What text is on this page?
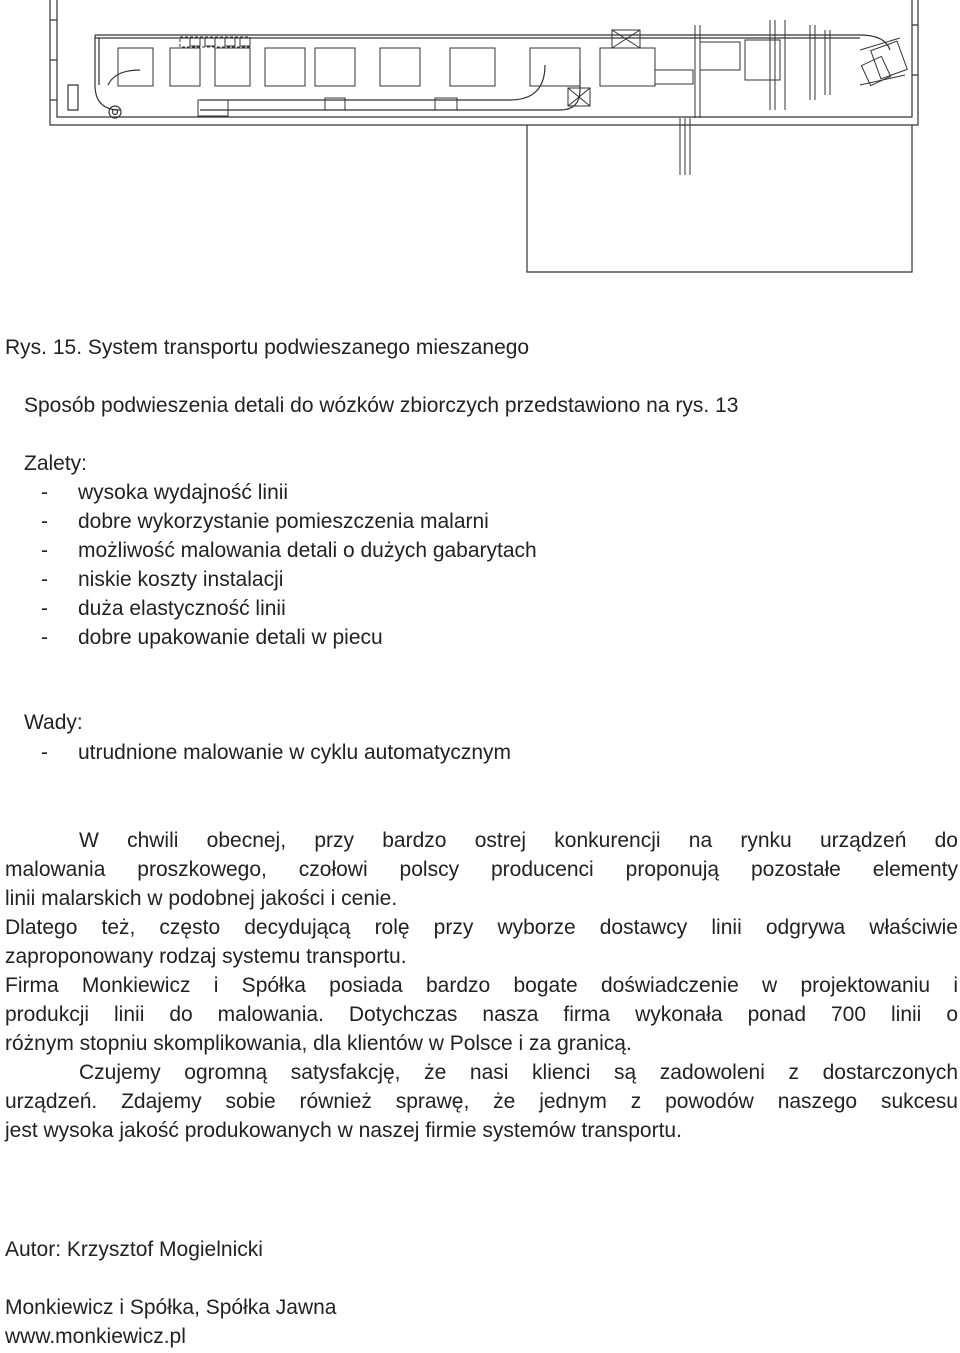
Rys. 15. System transportu podwieszanego mieszanego
Sposób podwieszenia detali do wózków zbiorczych przedstawiono na rys. 13
Zalety:
- wysoka wydajność linii
- dobre wykorzystanie pomieszczenia malarni
- możliwość malowania detali o dużych gabarytach
- niskie koszty instalacji
- duża elastyczność linii
- dobre upakowanie detali w piecu
Wady:
- utrudnione malowanie w cyklu automatycznym
W chwili obecnej, przy bardzo ostrej konkurencji na rynku urządzeń do
malowania proszkowego, czołowi polscy producenci proponują pozostałe elementy
linii malarskich w podobnej jakości i cenie.
Dlatego też, często decydującą rolę przy wyborze dostawcy linii odgrywa właściwie
zaproponowany rodzaj systemu transportu.
Firma Monkiewicz i Spółka posiada bardzo bogate doświadczenie w projektowaniu i
produkcji linii do malowania. Dotychczas nasza firma wykonała ponad 700 linii o
różnym stopniu skomplikowania, dla klientów w Polsce i za granicą.
Czujemy ogromną satysfakcję, że nasi klienci są zadowoleni z dostarczonych
urządzeń. Zdajemy sobie również sprawę, że jednym z powodów naszego sukcesu
jest wysoka jakość produkowanych w naszej firmie systemów transportu.
Autor: Krzysztof Mogielnicki
Monkiewicz i Spółka, Spółka Jawna
www.monkiewicz.pl
